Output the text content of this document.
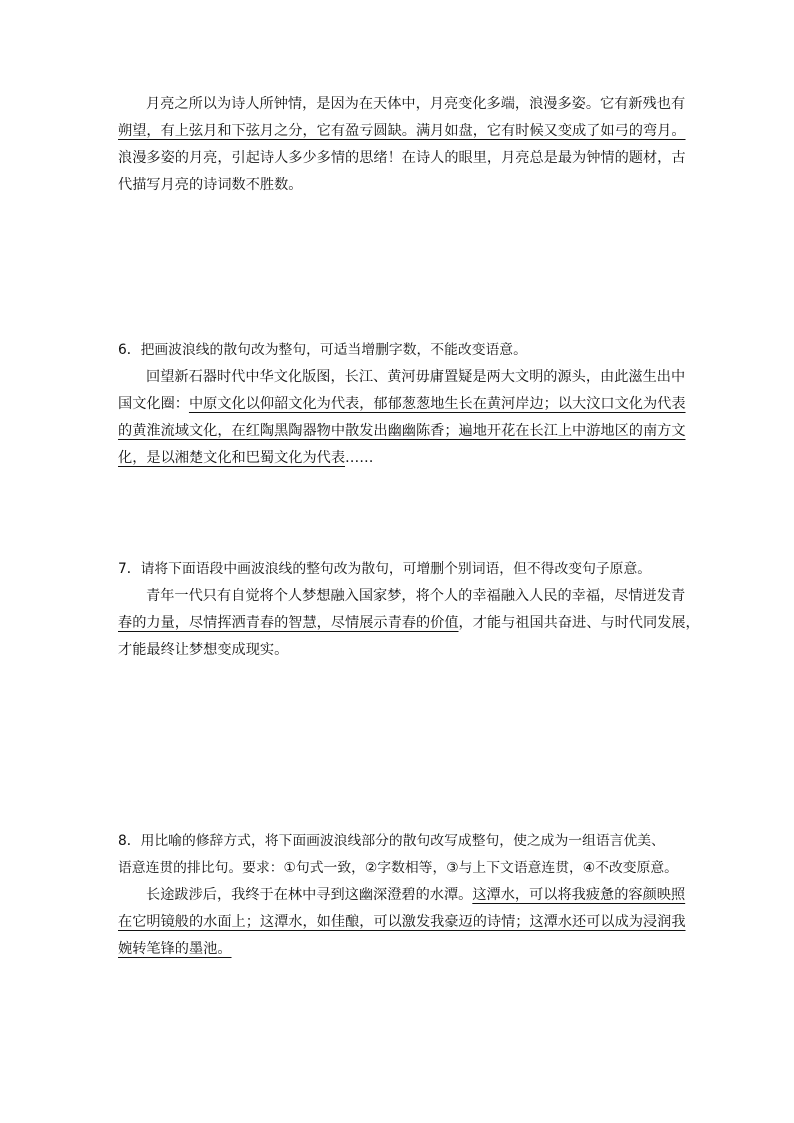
月亮之所以为诗人所钟情，是因为在天体中，月亮变化多端，浪漫多姿。它有新残也有
朔望，有上弦月和下弦月之分，它有盈亏圆缺。满月如盘，它有时候又变成了如弓的弯月。
浪漫多姿的月亮，引起诗人多少多情的思绪！在诗人的眼里，月亮总是最为钟情的题材，古
代描写月亮的诗词数不胜数。
6．把画波浪线的散句改为整句，可适当增删字数，不能改变语意。
回望新石器时代中华文化版图，长江、黄河毋庸置疑是两大文明的源头，由此滋生出中
国文化圈：中原文化以仰韶文化为代表，郁郁葱葱地生长在黄河岸边；以大汶口文化为代表
的黄淮流域文化，在红陶黑陶器物中散发出幽幽陈香；遍地开花在长江上中游地区的南方文
化，是以湘楚文化和巴蜀文化为代表……
7．请将下面语段中画波浪线的整句改为散句，可增删个别词语，但不得改变句子原意。
青年一代只有自觉将个人梦想融入国家梦，将个人的幸福融入人民的幸福，尽情迸发青
春的力量，尽情挥洒青春的智慧，尽情展示青春的价值，才能与祖国共奋进、与时代同发展，
才能最终让梦想变成现实。
8．用比喻的修辞方式，将下面画波浪线部分的散句改写成整句，使之成为一组语言优美、
语意连贯的排比句。要求：①句式一致，②字数相等，③与上下文语意连贯，④不改变原意。
长途跋涉后，我终于在林中寻到这幽深澄碧的水潭。这潭水，可以将我疲惫的容颜映照
在它明镜般的水面上；这潭水，如佳酿，可以激发我豪迈的诗情；这潭水还可以成为浸润我
婉转笔锋的墨池。
